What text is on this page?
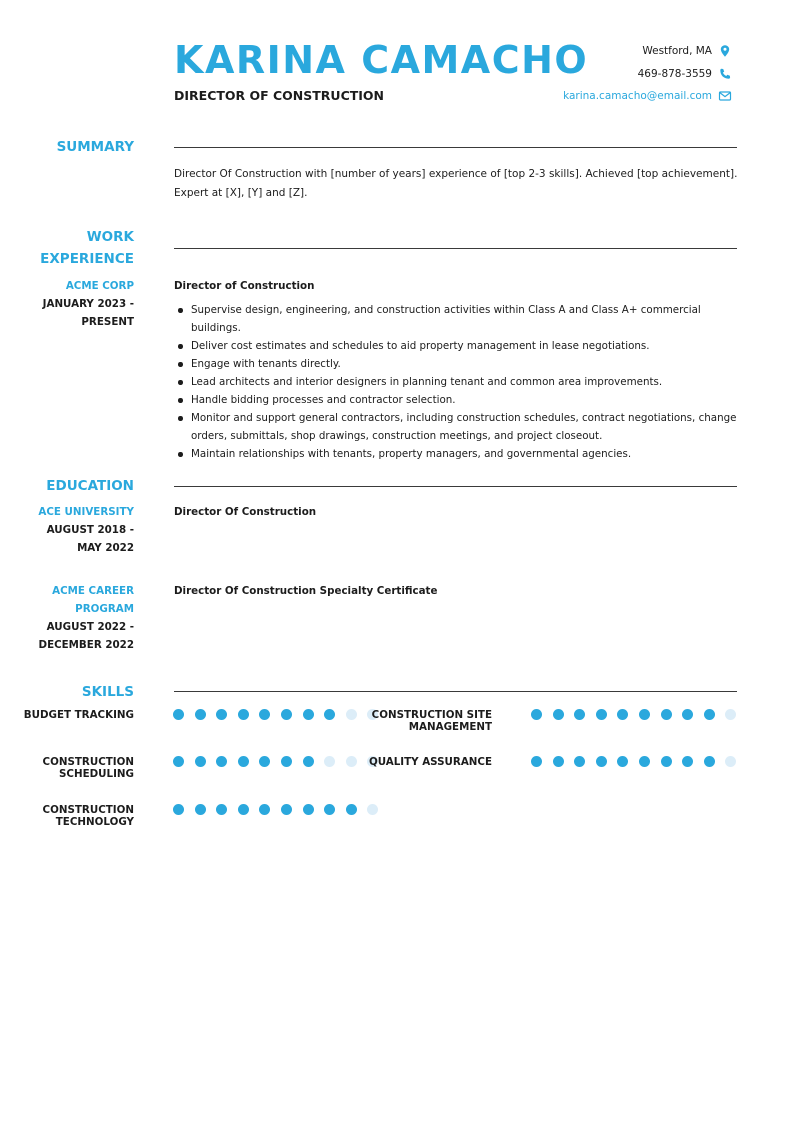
KARINA CAMACHO
DIRECTOR OF CONSTRUCTION
Westford, MA
469-878-3559
karina.camacho@email.com
SUMMARY
Director Of Construction with [number of years] experience of [top 2-3 skills]. Achieved [top achievement]. Expert at [X], [Y] and [Z].
WORK
EXPERIENCE
ACME CORP
JANUARY 2023 -
PRESENT
Director of Construction
Supervise design, engineering, and construction activities within Class A and Class A+ commercial buildings.
Deliver cost estimates and schedules to aid property management in lease negotiations.
Engage with tenants directly.
Lead architects and interior designers in planning tenant and common area improvements.
Handle bidding processes and contractor selection.
Monitor and support general contractors, including construction schedules, contract negotiations, change orders, submittals, shop drawings, construction meetings, and project closeout.
Maintain relationships with tenants, property managers, and governmental agencies.
EDUCATION
ACE UNIVERSITY
AUGUST 2018 -
MAY 2022
Director Of Construction
ACME CAREER
PROGRAM
AUGUST 2022 -
DECEMBER 2022
Director Of Construction Specialty Certificate
SKILLS
BUDGET TRACKING	CONSTRUCTION SITE
MANAGEMENT
CONSTRUCTION
SCHEDULING
QUALITY ASSURANCE
CONSTRUCTION
TECHNOLOGY
